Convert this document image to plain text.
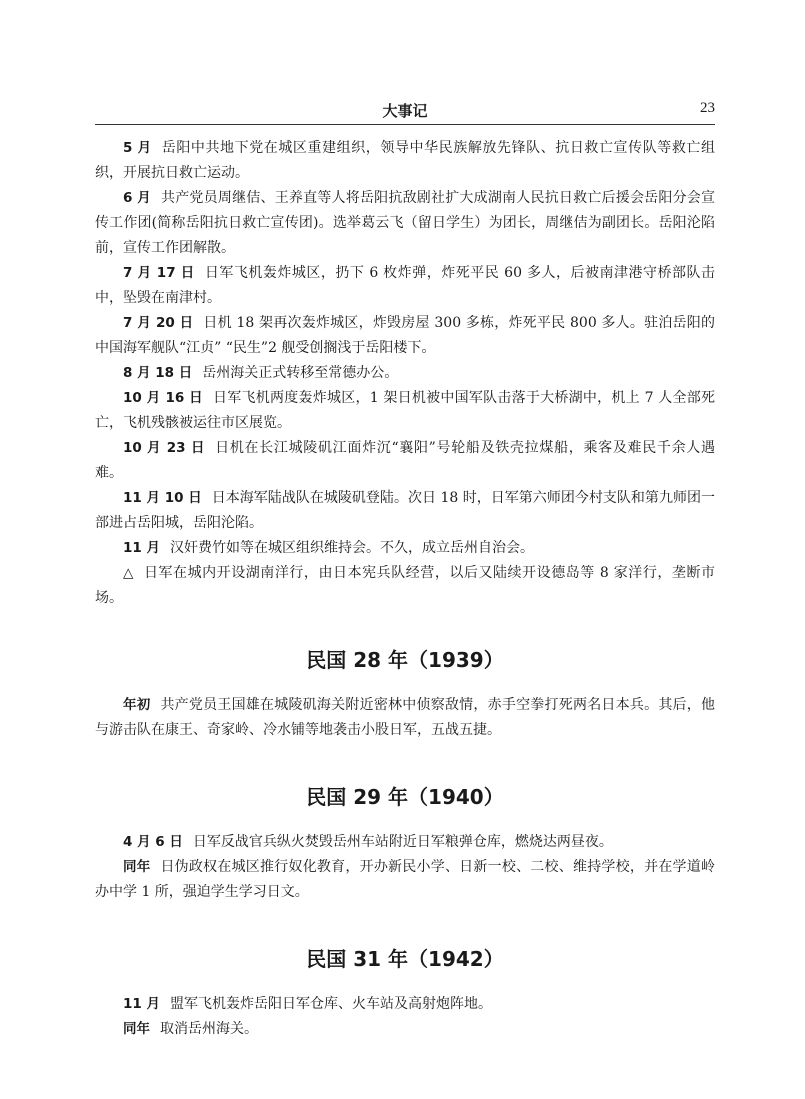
大事记	23

5 月 岳阳中共地下党在城区重建组织，领导中华民族解放先锋队、抗日救亡宣传队等救亡组织，开展抗日救亡运动。

6 月 共产党员周继佶、王养直等人将岳阳抗敌剧社扩大成湖南人民抗日救亡后援会岳阳分会宣传工作团(简称岳阳抗日救亡宣传团)。选举葛云飞（留日学生）为团长，周继佶为副团长。岳阳沦陷前，宣传工作团解散。

7 月 17 日 日军飞机轰炸城区，扔下 6 枚炸弹，炸死平民 60 多人，后被南津港守桥部队击中，坠毁在南津村。

7 月 20 日 日机 18 架再次轰炸城区，炸毁房屋 300 多栋，炸死平民 800 多人。驻泊岳阳的中国海军舰队“江贞” “民生”2 舰受创搁浅于岳阳楼下。

8 月 18 日 岳州海关正式转移至常德办公。

10 月 16 日 日军飞机两度轰炸城区，1 架日机被中国军队击落于大桥湖中，机上 7 人全部死亡，飞机残骸被运往市区展览。

10 月 23 日 日机在长江城陵矶江面炸沉“襄阳”号轮船及铁壳拉煤船，乘客及难民千余人遇难。

11 月 10 日 日本海军陆战队在城陵矶登陆。次日 18 时，日军第六师团今村支队和第九师团一部进占岳阳城，岳阳沦陷。

11 月 汉奸费竹如等在城区组织维持会。不久，成立岳州自治会。

△ 日军在城内开设湖南洋行，由日本宪兵队经营，以后又陆续开设德岛等 8 家洋行，垄断市场。

民国 28 年（1939）

年初 共产党员王国雄在城陵矶海关附近密林中侦察敌情，赤手空拳打死两名日本兵。其后，他与游击队在康王、奇家岭、冷水铺等地袭击小股日军，五战五捷。

民国 29 年（1940）

4 月 6 日 日军反战官兵纵火焚毁岳州车站附近日军粮弹仓库，燃烧达两昼夜。

同年 日伪政权在城区推行奴化教育，开办新民小学、日新一校、二校、维持学校，并在学道岭办中学 1 所，强迫学生学习日文。

民国 31 年（1942）

11 月 盟军飞机轰炸岳阳日军仓库、火车站及高射炮阵地。

同年 取消岳州海关。
